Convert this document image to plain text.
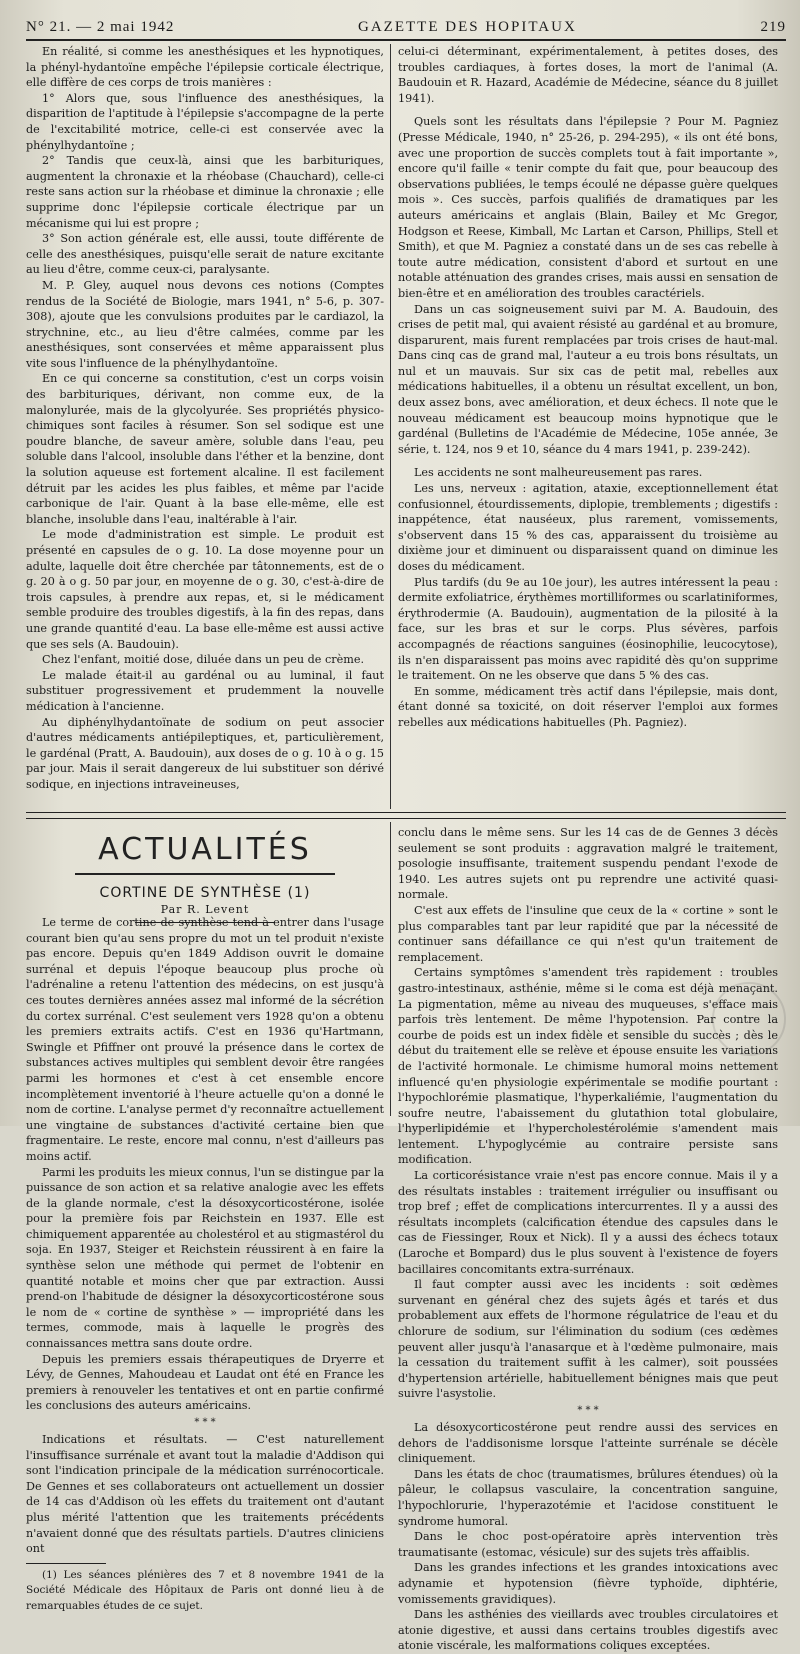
N° 21. — 2 mai 1942	GAZETTE DES HOPITAUX	219

En réalité, si comme les anesthésiques et les hypnotiques, la phényl-hydantoïne empêche l'épilepsie corticale électrique, elle diffère de ces corps de trois manières :

1° Alors que, sous l'influence des anesthésiques, la disparition de l'aptitude à l'épilepsie s'accompagne de la perte de l'excitabilité motrice, celle-ci est conservée avec la phénylhydantoïne ;

2° Tandis que ceux-là, ainsi que les barbituriques, augmentent la chronaxie et la rhéobase (Chauchard), celle-ci reste sans action sur la rhéobase et diminue la chronaxie ; elle supprime donc l'épilepsie corticale électrique par un mécanisme qui lui est propre ;

3° Son action générale est, elle aussi, toute différente de celle des anesthésiques, puisqu'elle serait de nature excitante au lieu d'être, comme ceux-ci, paralysante.

M. P. Gley, auquel nous devons ces notions (Comptes rendus de la Société de Biologie, mars 1941, n° 5-6, p. 307-308), ajoute que les convulsions produites par le cardiazol, la strychnine, etc., au lieu d'être calmées, comme par les anesthésiques, sont conservées et même apparaissent plus vite sous l'influence de la phénylhydantoïne.

En ce qui concerne sa constitution, c'est un corps voisin des barbituriques, dérivant, non comme eux, de la malonylurée, mais de la glycolyurée. Ses propriétés physico-chimiques sont faciles à résumer. Son sel sodique est une poudre blanche, de saveur amère, soluble dans l'eau, peu soluble dans l'alcool, insoluble dans l'éther et la benzine, dont la solution aqueuse est fortement alcaline. Il est facilement détruit par les acides les plus faibles, et même par l'acide carbonique de l'air. Quant à la base elle-même, elle est blanche, insoluble dans l'eau, inaltérable à l'air.

Le mode d'administration est simple. Le produit est présenté en capsules de o g. 10. La dose moyenne pour un adulte, laquelle doit être cherchée par tâtonnements, est de o g. 20 à o g. 50 par jour, en moyenne de o g. 30, c'est-à-dire de trois capsules, à prendre aux repas, et, si le médicament semble produire des troubles digestifs, à la fin des repas, dans une grande quantité d'eau. La base elle-même est aussi active que ses sels (A. Baudouin).

Chez l'enfant, moitié dose, diluée dans un peu de crème.

Le malade était-il au gardénal ou au luminal, il faut substituer progressivement et prudemment la nouvelle médication à l'ancienne.

Au diphénylhydantoïnate de sodium on peut associer d'autres médicaments antiépileptiques, et, particulièrement, le gardénal (Pratt, A. Baudouin), aux doses de o g. 10 à o g. 15 par jour. Mais il serait dangereux de lui substituer son dérivé sodique, en injections intraveineuses,

celui-ci déterminant, expérimentalement, à petites doses, des troubles cardiaques, à fortes doses, la mort de l'animal (A. Baudouin et R. Hazard, Académie de Médecine, séance du 8 juillet 1941).

Quels sont les résultats dans l'épilepsie ? Pour M. Pagniez (Presse Médicale, 1940, n° 25-26, p. 294-295), « ils ont été bons, avec une proportion de succès complets tout à fait importante », encore qu'il faille « tenir compte du fait que, pour beaucoup des observations publiées, le temps écoulé ne dépasse guère quelques mois ». Ces succès, parfois qualifiés de dramatiques par les auteurs américains et anglais (Blain, Bailey et Mc Gregor, Hodgson et Reese, Kimball, Mc Lartan et Carson, Phillips, Stell et Smith), et que M. Pagniez a constaté dans un de ses cas rebelle à toute autre médication, consistent d'abord et surtout en une notable atténuation des grandes crises, mais aussi en sensation de bien-être et en amélioration des troubles caractériels.

Dans un cas soigneusement suivi par M. A. Baudouin, des crises de petit mal, qui avaient résisté au gardénal et au bromure, disparurent, mais furent remplacées par trois crises de haut-mal. Dans cinq cas de grand mal, l'auteur a eu trois bons résultats, un nul et un mauvais. Sur six cas de petit mal, rebelles aux médications habituelles, il a obtenu un résultat excellent, un bon, deux assez bons, avec amélioration, et deux échecs. Il note que le nouveau médicament est beaucoup moins hypnotique que le gardénal (Bulletins de l'Académie de Médecine, 105e année, 3e série, t. 124, nos 9 et 10, séance du 4 mars 1941, p. 239-242).

Les accidents ne sont malheureusement pas rares.

Les uns, nerveux : agitation, ataxie, exceptionnellement état confusionnel, étourdissements, diplopie, tremblements ; digestifs : inappétence, état nauséeux, plus rarement, vomissements, s'observent dans 15 % des cas, apparaissent du troisième au dixième jour et diminuent ou disparaissent quand on diminue les doses du médicament.

Plus tardifs (du 9e au 10e jour), les autres intéressent la peau : dermite exfoliatrice, érythèmes mortilliformes ou scarlatiniformes, érythrodermie (A. Baudouin), augmentation de la pilosité à la face, sur les bras et sur le corps. Plus sévères, parfois accompagnés de réactions sanguines (éosinophilie, leucocytose), ils n'en disparaissent pas moins avec rapidité dès qu'on supprime le traitement. On ne les observe que dans 5 % des cas.

En somme, médicament très actif dans l'épilepsie, mais dont, étant donné sa toxicité, on doit réserver l'emploi aux formes rebelles aux médications habituelles (Ph. Pagniez).

ACTUALITÉS
CORTINE DE SYNTHÈSE (1)
Par R. Levent

Le terme de cortine de synthèse tend à entrer dans l'usage courant bien qu'au sens propre du mot un tel produit n'existe pas encore. Depuis qu'en 1849 Addison ouvrit le domaine surrénal et depuis l'époque beaucoup plus proche où l'adrénaline a retenu l'attention des médecins, on est jusqu'à ces toutes dernières années assez mal informé de la sécrétion du cortex surrénal. C'est seulement vers 1928 qu'on a obtenu les premiers extraits actifs. C'est en 1936 qu'Hartmann, Swingle et Pfiffner ont prouvé la présence dans le cortex de substances actives multiples qui semblent devoir être rangées parmi les hormones et c'est à cet ensemble encore incomplètement inventorié à l'heure actuelle qu'on a donné le nom de cortine. L'analyse permet d'y reconnaître actuellement une vingtaine de substances d'activité certaine bien que fragmentaire. Le reste, encore mal connu, n'est d'ailleurs pas moins actif.

Parmi les produits les mieux connus, l'un se distingue par la puissance de son action et sa relative analogie avec les effets de la glande normale, c'est la désoxycorticostérone, isolée pour la première fois par Reichstein en 1937. Elle est chimiquement apparentée au cholestérol et au stigmastérol du soja. En 1937, Steiger et Reichstein réussirent à en faire la synthèse selon une méthode qui permet de l'obtenir en quantité notable et moins cher que par extraction. Aussi prend-on l'habitude de désigner la désoxycorticostérone sous le nom de « cortine de synthèse » — impropriété dans les termes, commode, mais à laquelle le progrès des connaissances mettra sans doute ordre.

Depuis les premiers essais thérapeutiques de Dryerre et Lévy, de Gennes, Mahoudeau et Laudat ont été en France les premiers à renouveler les tentatives et ont en partie confirmé les conclusions des auteurs américains.

* * *

Indications et résultats. — C'est naturellement l'insuffisance surrénale et avant tout la maladie d'Addison qui sont l'indication principale de la médication surrénocorticale. De Gennes et ses collaborateurs ont actuellement un dossier de 14 cas d'Addison où les effets du traitement ont d'autant plus mérité l'attention que les traitements précédents n'avaient donné que des résultats partiels. D'autres cliniciens ont

(1) Les séances plénières des 7 et 8 novembre 1941 de la Société Médicale des Hôpitaux de Paris ont donné lieu à de remarquables études de ce sujet.

conclu dans le même sens. Sur les 14 cas de de Gennes 3 décès seulement se sont produits : aggravation malgré le traitement, posologie insuffisante, traitement suspendu pendant l'exode de 1940. Les autres sujets ont pu reprendre une activité quasi-normale.

C'est aux effets de l'insuline que ceux de la « cortine » sont le plus comparables tant par leur rapidité que par la nécessité de continuer sans défaillance ce qui n'est qu'un traitement de remplacement.

Certains symptômes s'amendent très rapidement : troubles gastro-intestinaux, asthénie, même si le coma est déjà menaçant. La pigmentation, même au niveau des muqueuses, s'efface mais parfois très lentement. De même l'hypotension. Par contre la courbe de poids est un index fidèle et sensible du succès ; dès le début du traitement elle se relève et épouse ensuite les variations de l'activité hormonale. Le chimisme humoral moins nettement influencé qu'en physiologie expérimentale se modifie pourtant : l'hypochlorémie plasmatique, l'hyperkaliémie, l'augmentation du soufre neutre, l'abaissement du glutathion total globulaire, l'hyperlipidémie et l'hypercholestérolémie s'amendent mais lentement. L'hypoglycémie au contraire persiste sans modification.

La corticorésistance vraie n'est pas encore connue. Mais il y a des résultats instables : traitement irrégulier ou insuffisant ou trop bref ; effet de complications intercurrentes. Il y a aussi des résultats incomplets (calcification étendue des capsules dans le cas de Fiessinger, Roux et Nick). Il y a aussi des échecs totaux (Laroche et Bompard) dus le plus souvent à l'existence de foyers bacillaires concomitants extra-surrénaux.

Il faut compter aussi avec les incidents : soit œdèmes survenant en général chez des sujets âgés et tarés et dus probablement aux effets de l'hormone régulatrice de l'eau et du chlorure de sodium, sur l'élimination du sodium (ces œdèmes peuvent aller jusqu'à l'anasarque et à l'œdème pulmonaire, mais la cessation du traitement suffit à les calmer), soit poussées d'hypertension artérielle, habituellement bénignes mais que peut suivre l'asystolie.

* * *

La désoxycorticostérone peut rendre aussi des services en dehors de l'addisonisme lorsque l'atteinte surrénale se décèle cliniquement.

Dans les états de choc (traumatismes, brûlures étendues) où la pâleur, le collapsus vasculaire, la concentration sanguine, l'hypochlorurie, l'hyperazotémie et l'acidose constituent le syndrome humoral.

Dans le choc post-opératoire après intervention très traumatisante (estomac, vésicule) sur des sujets très affaiblis.

Dans les grandes infections et les grandes intoxications avec adynamie et hypotension (fièvre typhoïde, diphtérie, vomissements gravidiques).

Dans les asthénies des vieillards avec troubles circulatoires et atonie digestive, et aussi dans certains troubles digestifs avec atonie viscérale, les malformations coliques exceptées.
